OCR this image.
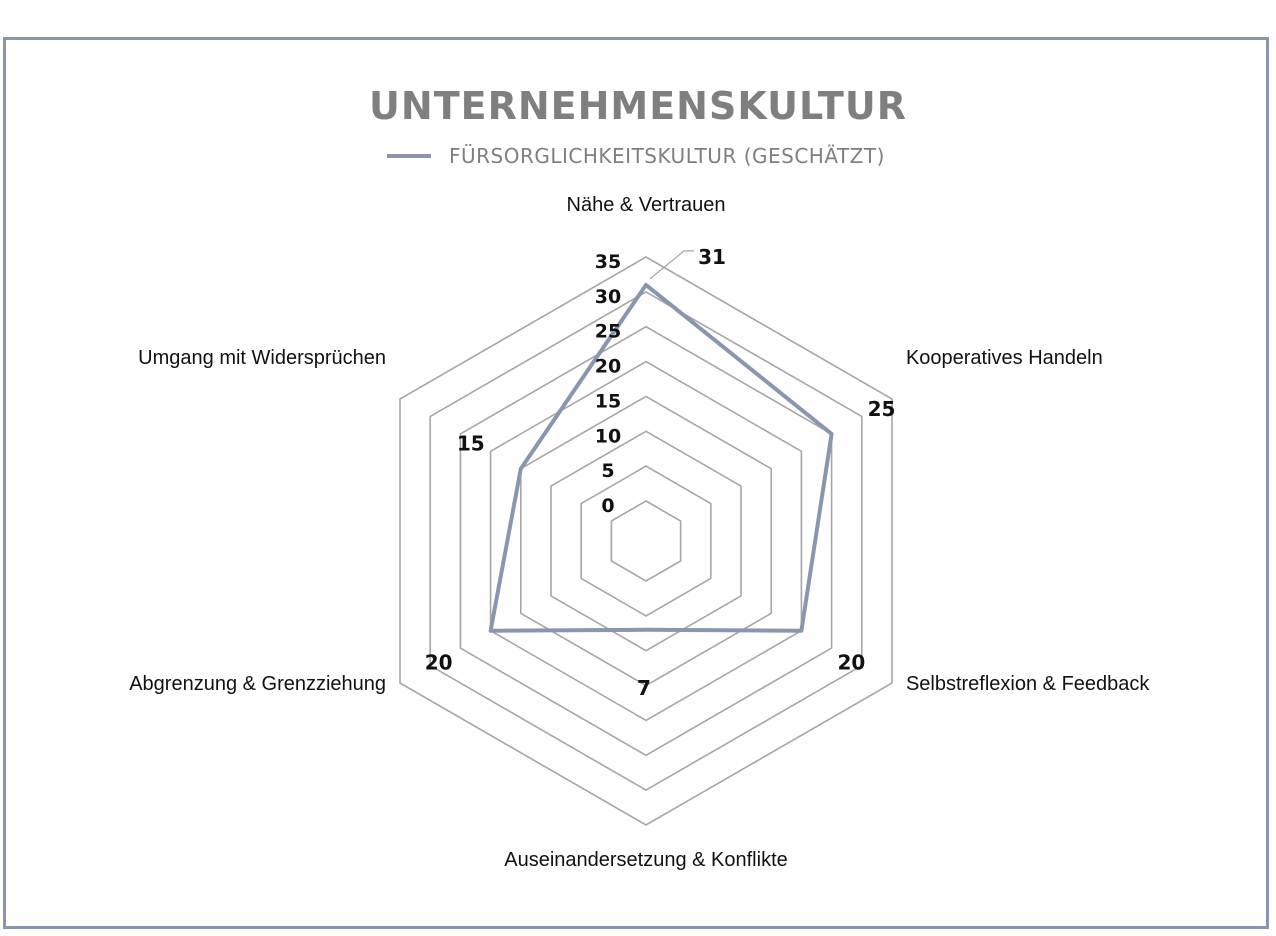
UNTERNEHMENSKULTUR
FÜRSORGLICHKEITSKULTUR (GESCHÄTZT)
0
5
10
15
20
25
30
35
Nähe & Vertrauen
Kooperatives Handeln
Selbstreflexion & Feedback
Auseinandersetzung & Konflikte
Abgrenzung & Grenzziehung
Umgang mit Widersprüchen
31
25
20
7
20
15
